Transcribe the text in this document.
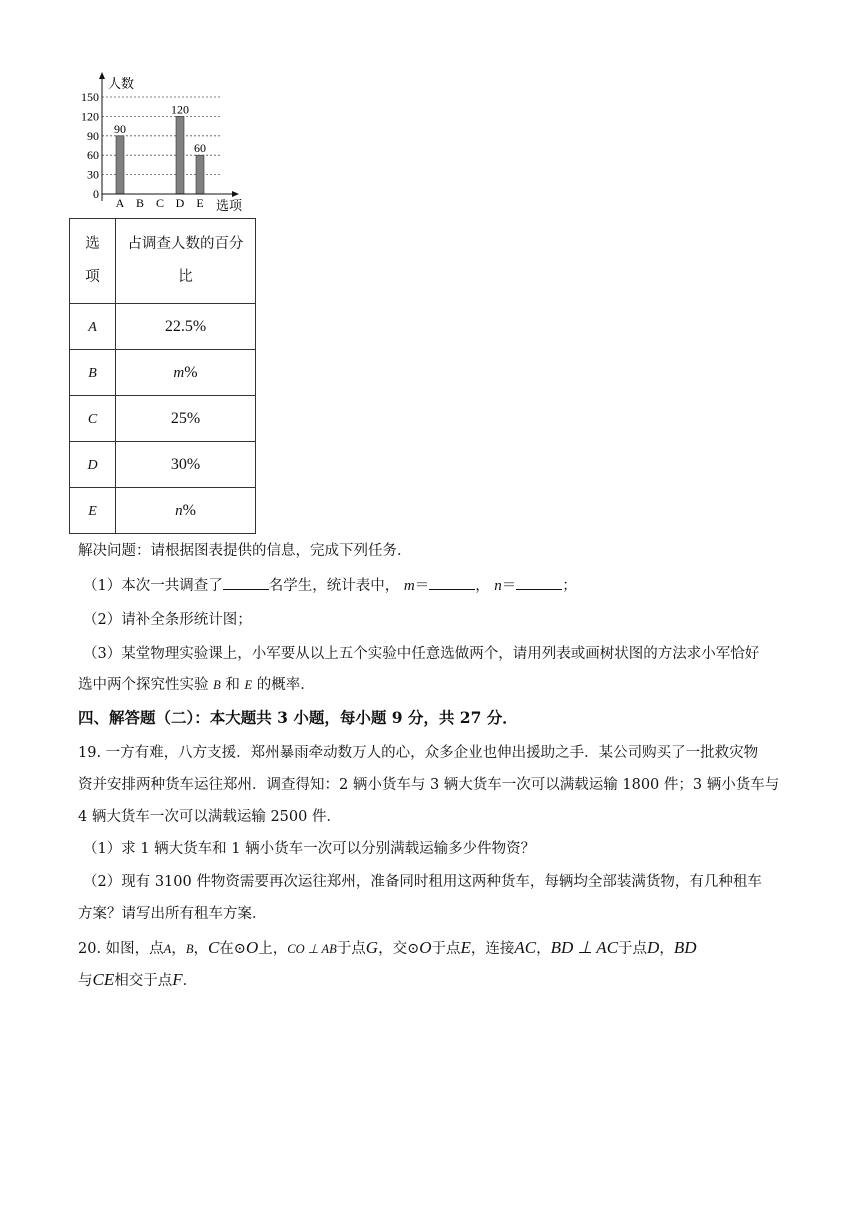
0
30
60
90
120
150
90
120
60
A B C D E
人数
选项
选
项	占调查人数的百分
比
A	22.5%
B	m%
C	25%
D	30%
E	n%
解决问题：请根据图表提供的信息，完成下列任务．
（1）本次一共调查了	名学生，统计表中， m＝	， n＝	；
（2）请补全条形统计图；
（3）某堂物理实验课上，小军要从以上五个实验中任意选做两个，请用列表或画树状图的方法求小军恰好
选中两个探究性实验 B 和 E 的概率．
四、解答题（二）：本大题共 3 小题，每小题 9 分，共 27 分．
19. 一方有难，八方支援．郑州暴雨牵动数万人的心，众多企业也伸出援助之手．某公司购买了一批救灾物
资并安排两种货车运往郑州．调查得知：2 辆小货车与 3 辆大货车一次可以满载运输 1800 件；3 辆小货车与
4 辆大货车一次可以满载运输 2500 件．
（1）求 1 辆大货车和 1 辆小货车一次可以分别满载运输多少件物资？
（2）现有 3100 件物资需要再次运往郑州，准备同时租用这两种货车，每辆均全部装满货物，有几种租车
方案？请写出所有租车方案．
20. 如图，点A，B，C在⊙O上，CO ⊥ AB于点G，交⊙O于点E，连接AC，BD ⊥ AC于点D，BD
与CE相交于点F．
